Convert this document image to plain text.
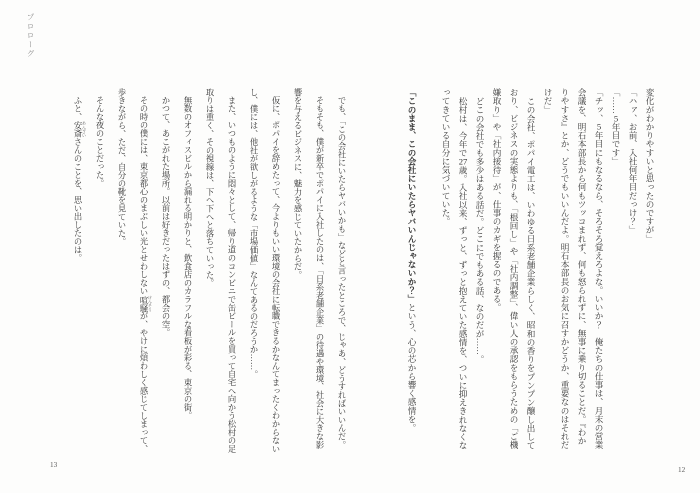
プロローグ

変化がわかりやすいと思ったのですが」

「ハァ、お前、入社何年目だっけ？」

「……5年目です」

「チッ、5年目にもなるなら、そろそろ覚えろよな。いいか？　俺たちの仕事は、月末の営業会議を、明石本部長から何もツッコまれず、何も怒られずに、無事に乗り切ることだ。『わかりやすさ』とか、どうでもいいんだよ。明石本部長のお気に召すかどうか、重要なのはそれだけだ」

この会社、ポパイ電工は、いわゆる日系老舗企業らしく、昭和の香りをプンプン醸し出しており、ビジネスの実態よりも、「根回し」や「社内調整」、偉い人の承認をもらうための「ご機嫌取り」や「社内接待」が、仕事のカギを握るのである。

どこの会社でも多少はある話だ。どこにでもある話、なのだが……。

松村は、今年で27歳。入社以来、ずっと、ずっと抱えていた感情を、ついに抑えきれなくなってきている自分に気づいていた。

「このまま、この会社にいたらヤバいんじゃないか？」という、心の芯から響く感情を。

でも、「この会社にいたらヤバいかも」などと言ったところで、じゃあ、どうすればいいんだ。

そもそも、僕が新卒でポパイに入社したのは、「日系老舗企業」の待遇や環境、社会に大きな影響を与えるビジネスに、魅力を感じていたからだ。

仮に、ポパイを辞めたって、今よりもいい環境の会社に転職できるかなんてまったくわからないし、僕には、他社が欲しがるような「市場価値」なんてあるのだろうか……。

また、いつものように悶々として、帰り道のコンビニで缶ビールを買って自宅へ向かう松村の足取りは重く、その視線は、下へ下へと落ちていった。

無数のオフィスビルから漏れる明かりと、飲食店のカラフルな看板が彩る、東京の街。

かつて、あこがれた場所。以前は好きだったはずの、都会の空。

その時の僕には、東京都心のまぶしい光とせわしない喧騒 けんそうが、やけに煩わしく感じてしまって、歩きながら、ただ、自分の靴を見ていた。

そんな夜のことだった。

ふと、安斎 あんざいさんのことを、思い出したのは。

13
12
